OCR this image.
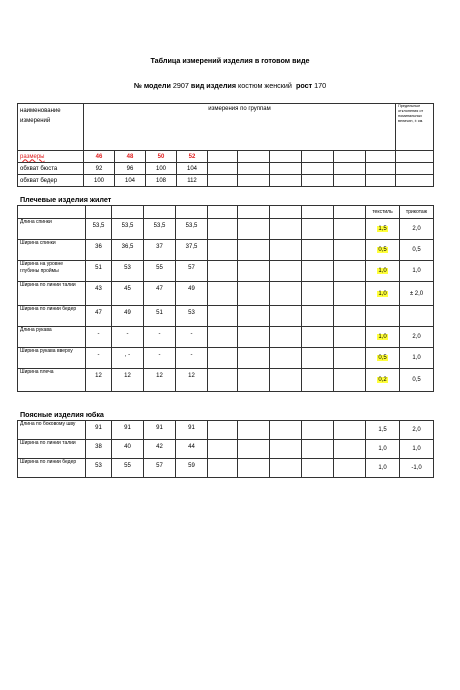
Таблица измерений изделия в готовом виде
№ модели 2907 вид изделия костюм женский рост 170
наименование измерений	измерения по группам										Предельные отклонения от номинальных величин, ± см.
размеры	46	48	50	52							
обхват бюста	92	96	100	104							
обхват бедер	100	104	108	112							
Плечевые изделия жилет
										текстиль	трикотаж
Длина спинки	53,5	53,5	53,5	53,5						1,5	2,0
Ширина спинки	36	36,5	37	37,5						0,5	0,5
Ширина на уровне глубины проймы	51	53	55	57						1,0	1,0
Ширина по линии талии	43	45	47	49						1,0	± 2,0
Ширина по линии бедер	47	49	51	53							
Длина рукава	-	-	-	-						1,0	2,0
Ширина рукава вверху	-	, -	-	-						0,5	1,0
Ширина плеча	12	12	12	12						0,2	0,5
Поясные изделия юбка
Длина по боковому шву	91	91	91	91						1,5	2,0
Ширина по линии талии	38	40	42	44						1,0	1,0
Ширина по линии бедер	53	55	57	59						1,0	-1,0
